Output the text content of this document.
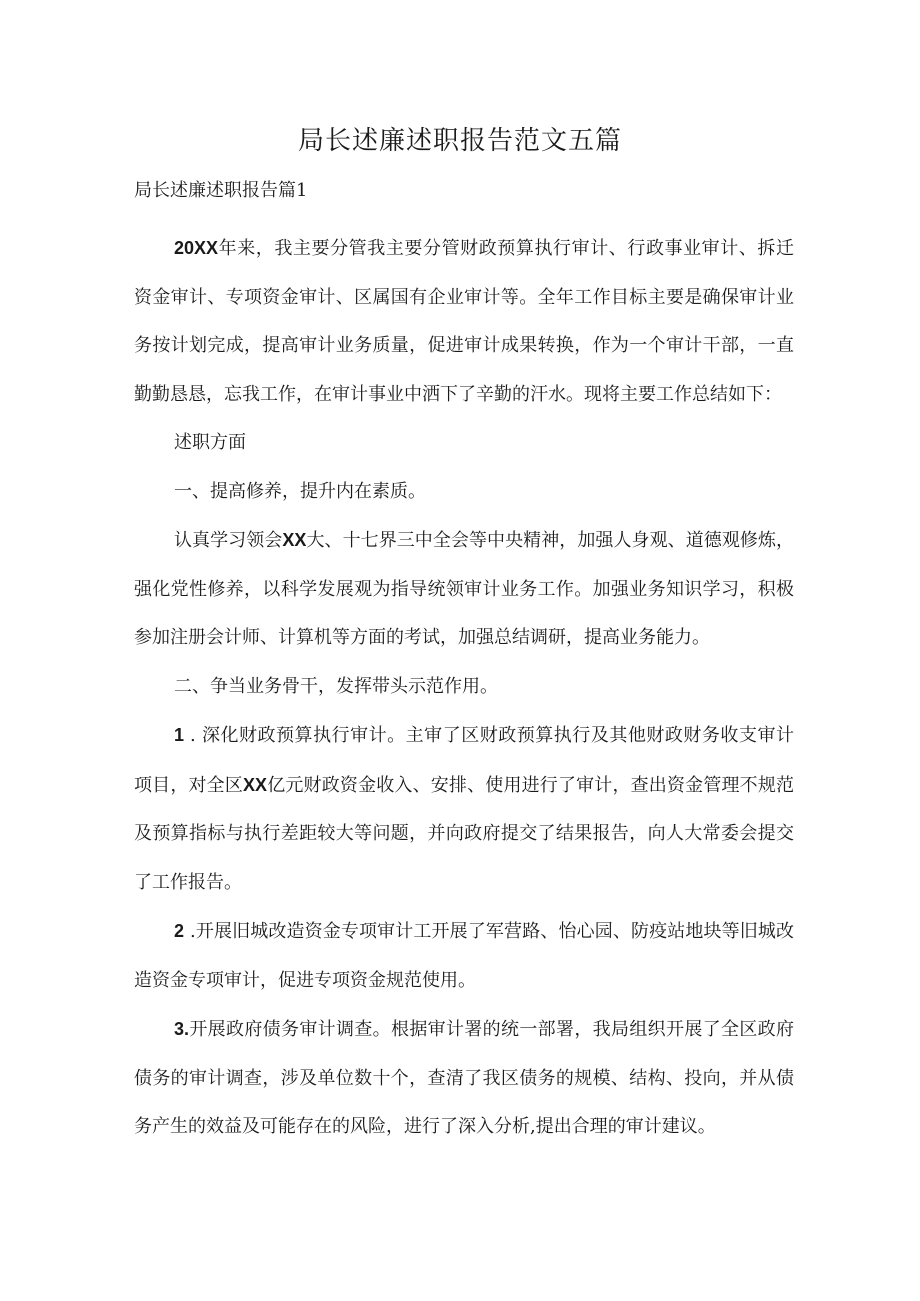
局长述廉述职报告范文五篇
局长述廉述职报告篇1

20XX年来，我主要分管我主要分管财政预算执行审计、行政事业审计、拆迁资金审计、专项资金审计、区属国有企业审计等。全年工作目标主要是确保审计业务按计划完成，提高审计业务质量，促进审计成果转换，作为一个审计干部，一直勤勤恳恳，忘我工作，在审计事业中洒下了辛勤的汗水。现将主要工作总结如下：

述职方面

一、提高修养，提升内在素质。

认真学习领会XX大、十七界三中全会等中央精神，加强人身观、道德观修炼，强化党性修养，以科学发展观为指导统领审计业务工作。加强业务知识学习，积极参加注册会计师、计算机等方面的考试，加强总结调研，提高业务能力。

二、争当业务骨干，发挥带头示范作用。

1 . 深化财政预算执行审计。主审了区财政预算执行及其他财政财务收支审计项目，对全区XX亿元财政资金收入、安排、使用进行了审计，查出资金管理不规范及预算指标与执行差距较大等问题，并向政府提交了结果报告，向人大常委会提交了工作报告。

2 .开展旧城改造资金专项审计工开展了军营路、怡心园、防疫站地块等旧城改造资金专项审计，促进专项资金规范使用。

3.开展政府债务审计调查。根据审计署的统一部署，我局组织开展了全区政府债务的审计调查，涉及单位数十个，查清了我区债务的规模、结构、投向，并从债务产生的效益及可能存在的风险，进行了深入分析,提出合理的审计建议。
